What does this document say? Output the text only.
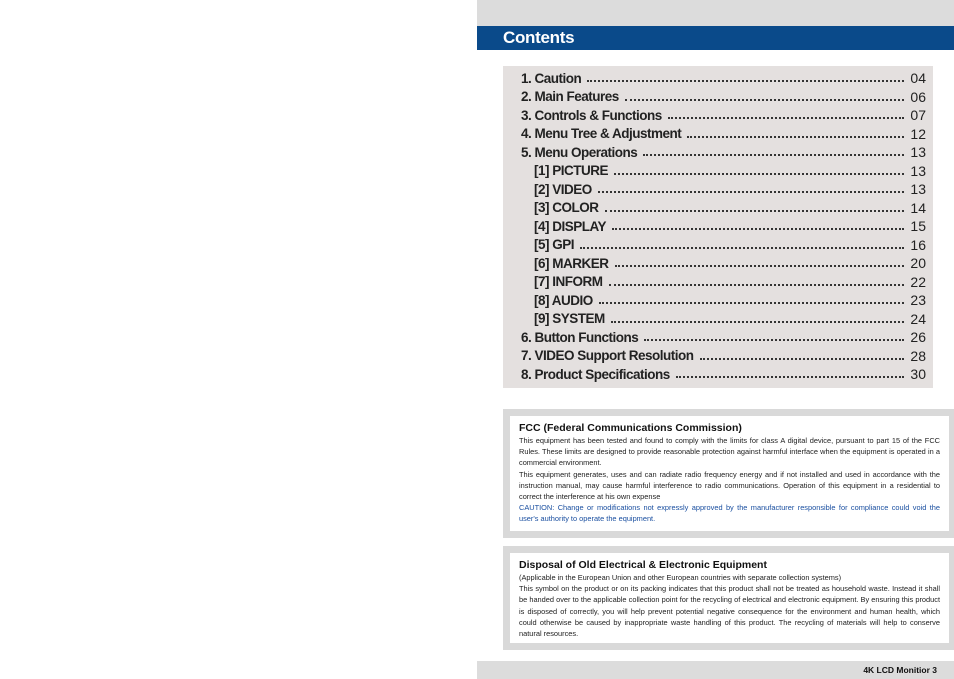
Contents
1. Caution	04
2. Main Features	06
3. Controls & Functions	07
4. Menu Tree & Adjustment	12
5. Menu Operations	13
[1] PICTURE	13
[2] VIDEO	13
[3] COLOR	14
[4] DISPLAY	15
[5] GPI	16
[6] MARKER	20
[7] INFORM	22
[8] AUDIO	23
[9] SYSTEM	24
6. Button Functions	26
7. VIDEO Support Resolution	28
8. Product Specifications	30
FCC (Federal Communications Commission)

This equipment has been tested and found to comply with the limits for class A digital device, pursuant to part 15 of the FCC Rules. These limits are designed to provide reasonable protection against harmful interface when the equipment is operated in a commercial environment.

This equipment generates, uses and can radiate radio frequency energy and if not installed and used in accordance with the instruction manual, may cause harmful interference to radio communications. Operation of this equipment in a residential to correct the interference at his own expense

CAUTION: Change or modifications not expressly approved by the manufacturer responsible for compliance could void the user's authority to operate the equipment.

Disposal of Old Electrical & Electronic Equipment

(Applicable in the European Union and other European countries with separate collection systems)

This symbol on the product or on its packing indicates that this product shall not be treated as household waste. Instead it shall be handed over to the applicable collection point for the recycling of electrical and electronic equipment. By ensuring this product is disposed of correctly, you will help prevent potential negative consequence for the environment and human health, which could otherwise be caused by inappropriate waste handling of this product. The recycling of materials will help to conserve natural resources.

4K LCD Monitior 3
